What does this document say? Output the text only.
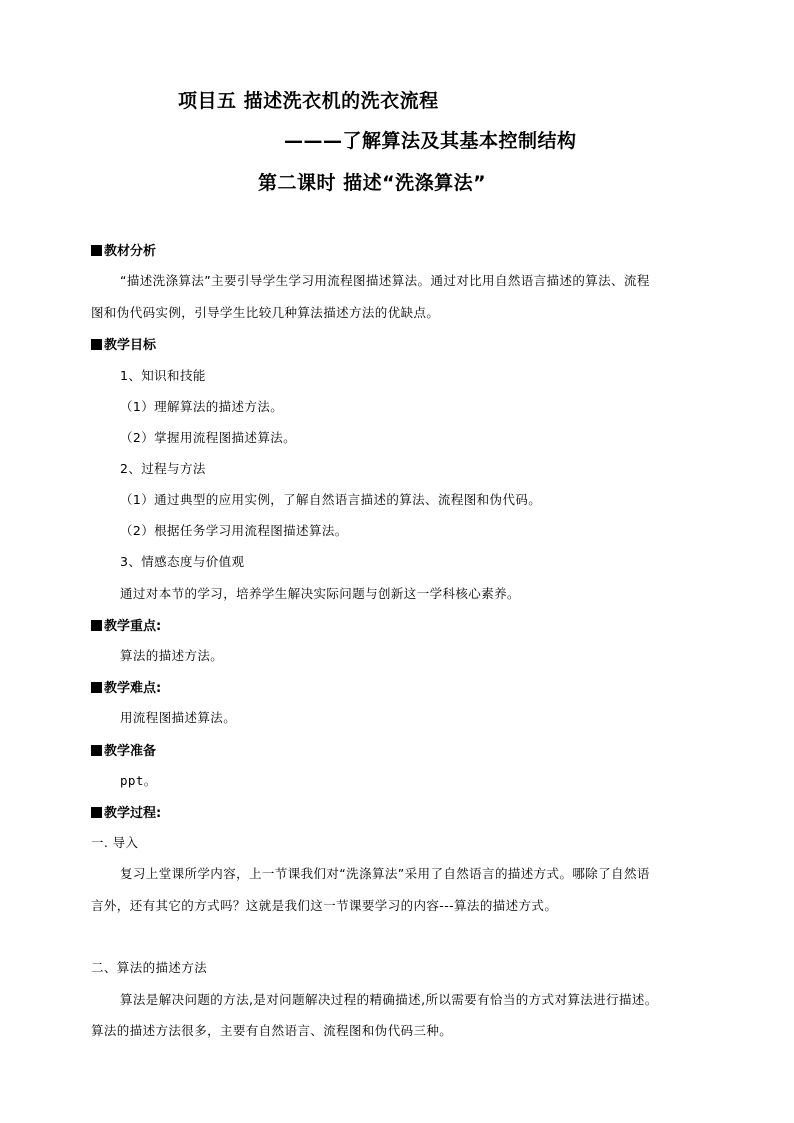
项目五 描述洗衣机的洗衣流程
———了解算法及其基本控制结构
第二课时 描述“洗涤算法”
教材分析
“描述洗涤算法”主要引导学生学习用流程图描述算法。通过对比用自然语言描述的算法、流程
图和伪代码实例，引导学生比较几种算法描述方法的优缺点。
教学目标
1、知识和技能
（1）理解算法的描述方法。
（2）掌握用流程图描述算法。
2、过程与方法
（1）通过典型的应用实例，了解自然语言描述的算法、流程图和伪代码。
（2）根据任务学习用流程图描述算法。
3、情感态度与价值观
通过对本节的学习，培养学生解决实际问题与创新这一学科核心素养。
教学重点:
算法的描述方法。
教学难点:
用流程图描述算法。
教学准备
ppt。
教学过程:
一. 导入
复习上堂课所学内容，上一节课我们对“洗涤算法”采用了自然语言的描述方式。哪除了自然语
言外，还有其它的方式吗？这就是我们这一节课要学习的内容---算法的描述方式。
二、算法的描述方法
算法是解决问题的方法,是对问题解决过程的精确描述,所以需要有恰当的方式对算法进行描述。
算法的描述方法很多，主要有自然语言、流程图和伪代码三种。
